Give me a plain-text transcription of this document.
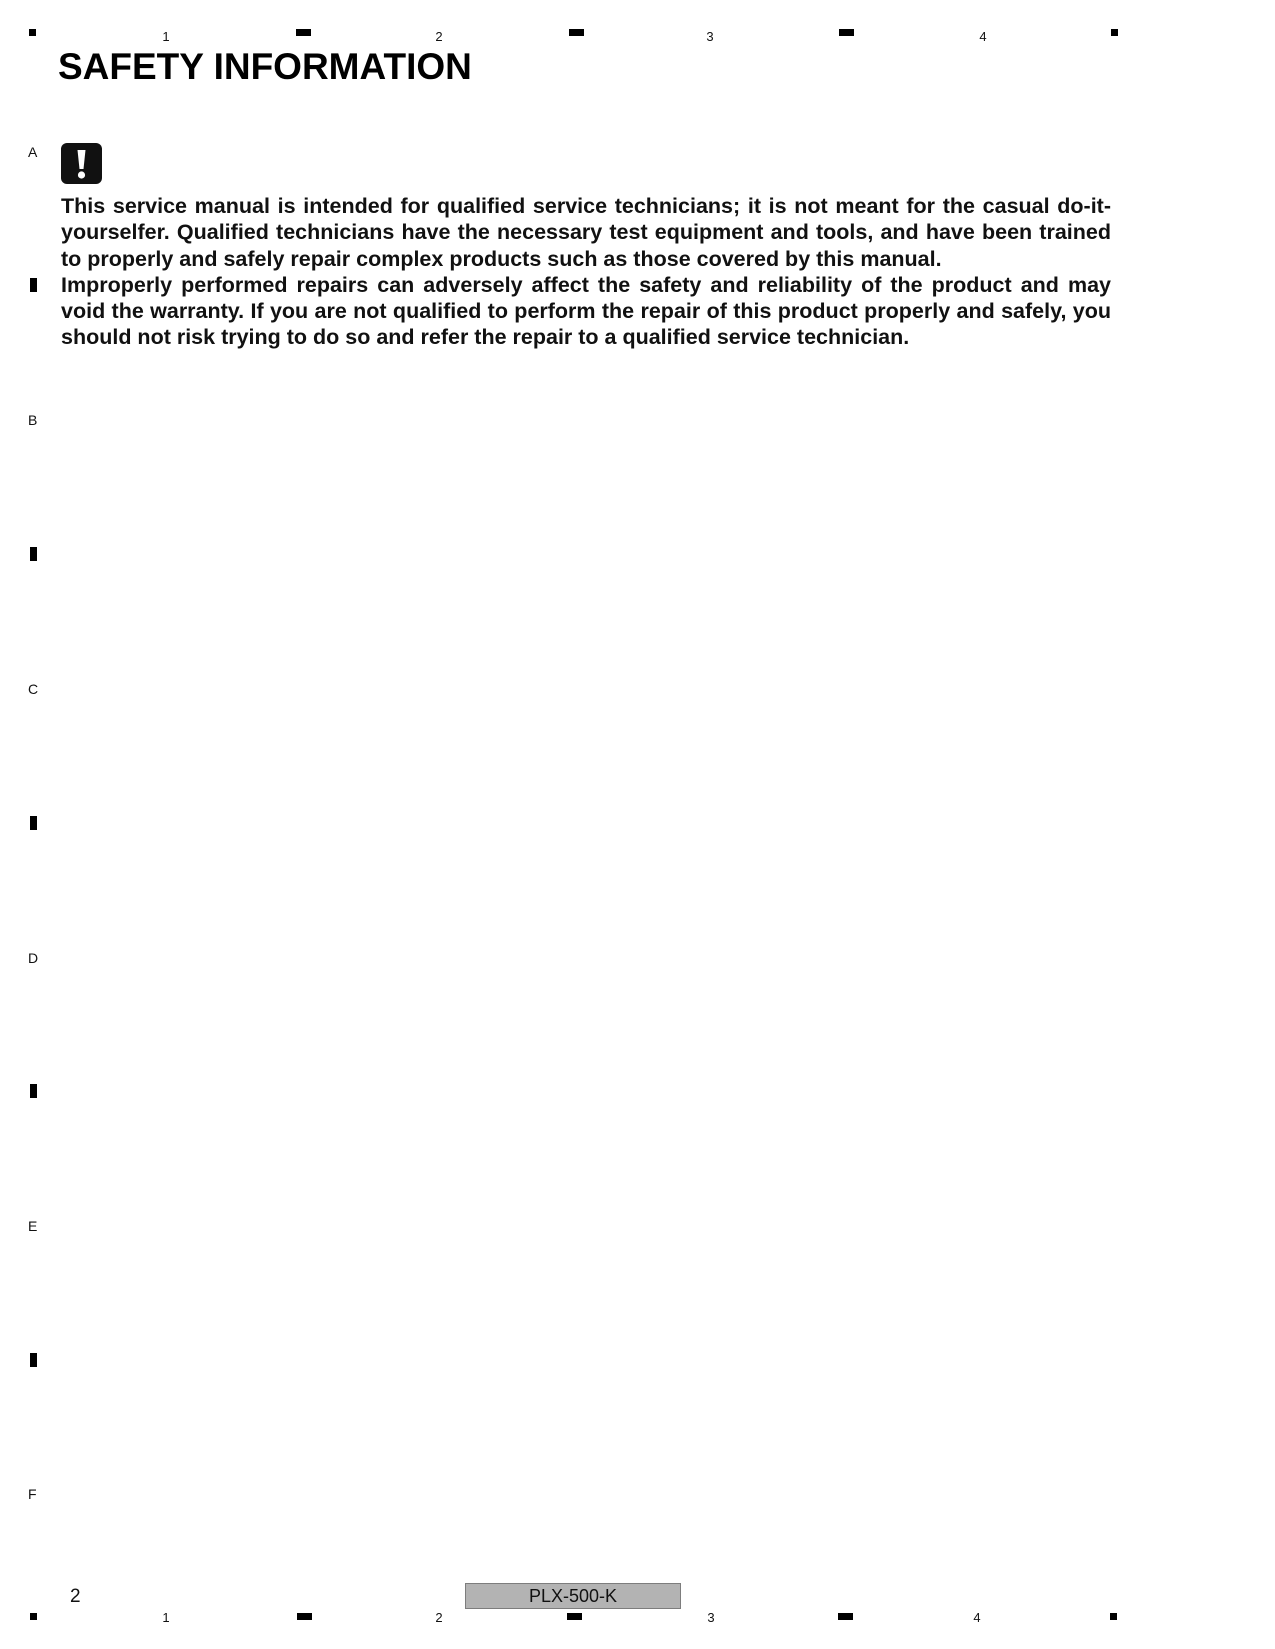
1	2	3	4
A
B
C
D
E
F
SAFETY INFORMATION

This service manual is intended for qualified service technicians; it is not meant for the casual do-it-yourselfer. Qualified technicians have the necessary test equipment and tools, and have been trained to properly and safely repair complex products such as those covered by this manual.

Improperly performed repairs can adversely affect the safety and reliability of the product and may void the warranty. If you are not qualified to perform the repair of this product properly and safely, you should not risk trying to do so and refer the repair to a qualified service technician.

2	PLX-500-K
1	2	3	4
